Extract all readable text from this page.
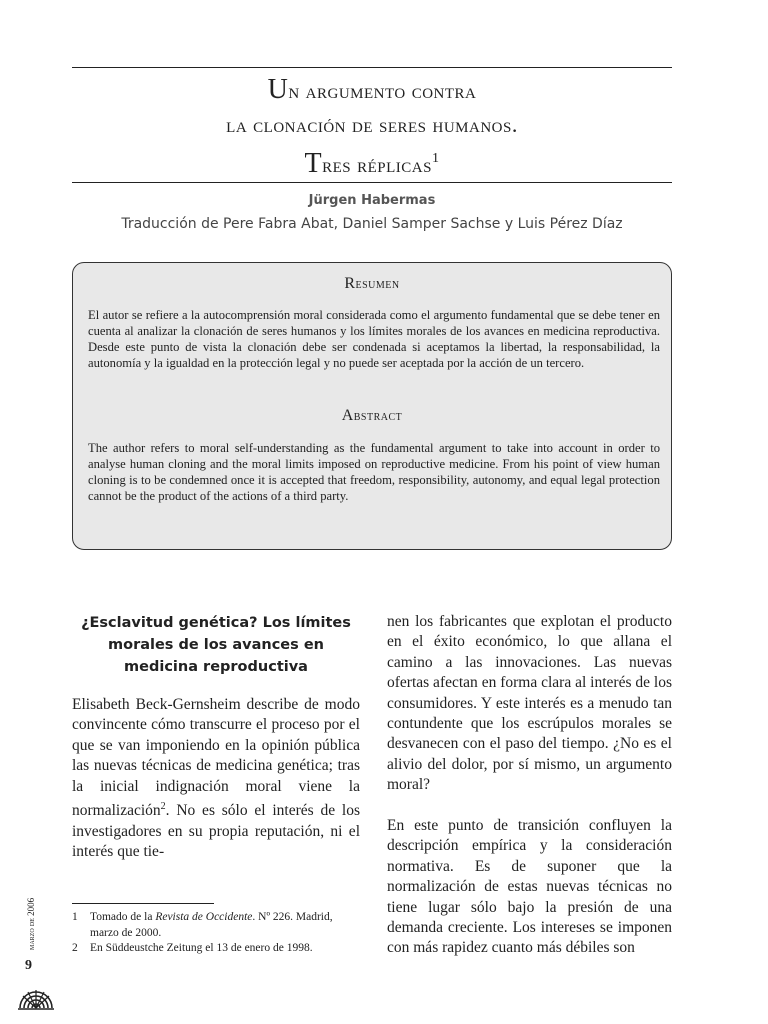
Un argumento contra
la clonación de seres humanos.
Tres réplicas$^1$
Jürgen Habermas
Traducción de Pere Fabra Abat, Daniel Samper Sachse y Luis Pérez Díaz
Resumen
El autor se refiere a la autocomprensión moral considerada como el argumento fundamental que se debe tener en cuenta al analizar la clonación de seres humanos y los límites morales de los avances en medicina reproductiva. Desde este punto de vista la clonación debe ser condenada si aceptamos la libertad, la responsabilidad, la autonomía y la igualdad en la protección legal y no puede ser aceptada por la acción de un tercero.
Abstract
The author refers to moral self-understanding as the fundamental argument to take into account in order to analyse human cloning and the moral limits imposed on reproductive medicine. From his point of view human cloning is to be condemned once it is accepted that freedom, responsibility, autonomy, and equal legal protection cannot be the product of the actions of a third party.
¿Esclavitud genética? Los límites morales de los avances en medicina reproductiva
Elisabeth Beck-Gernsheim describe de modo convincente cómo transcurre el proceso por el que se van imponiendo en la opinión pública las nuevas técnicas de medicina genética; tras la inicial indignación moral viene la normalización$^2$. No es sólo el interés de los investigadores en su propia reputación, ni el interés que tie-
nen los fabricantes que explotan el producto en el éxito económico, lo que allana el camino a las innovaciones. Las nuevas ofertas afectan en forma clara al interés de los consumidores. Y este interés es a menudo tan contundente que los escrúpulos morales se desvanecen con el paso del tiempo. ¿No es el alivio del dolor, por sí mismo, un argumento moral?
En este punto de transición confluyen la descripción empírica y la consideración normativa. Es de suponer que la normalización de estas nuevas técnicas no tiene lugar sólo bajo la presión de una demanda creciente. Los intereses se imponen con más rapidez cuanto más débiles son
1 Tomado de la Revista de Occidente. Nº 226. Madrid,
marzo de 2000.
2 En Süddeustche Zeitung el 13 de enero de 1998.
marzo de 2006
9
